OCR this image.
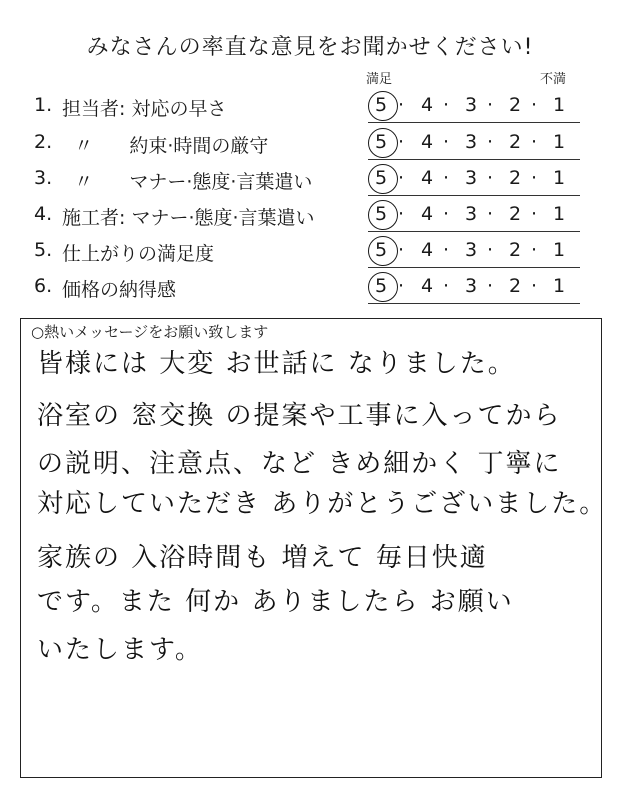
みなさんの率直な意見をお聞かせください!
満足	不満
1. 担当者: 対応の早さ	5 · 4 · 3 · 2 · 1
2. 〃      約束·時間の厳守	5 · 4 · 3 · 2 · 1
3. 〃      マナー·態度·言葉遣い	5 · 4 · 3 · 2 · 1
4. 施工者: マナー·態度·言葉遣い	5 · 4 · 3 · 2 · 1
5. 仕上がりの満足度	5 · 4 · 3 · 2 · 1
6. 価格の納得感	5 · 4 · 3 · 2 · 1
○熱いメッセージをお願い致します
皆様には 大変 お世話に なりました。
浴室の 窓交換 の提案や工事に入ってから
の説明、注意点、など きめ細かく 丁寧に
対応していただき ありがとうございました。
家族の 入浴時間も 増えて 毎日快適
です。また 何か ありましたら お願い
いたします。
